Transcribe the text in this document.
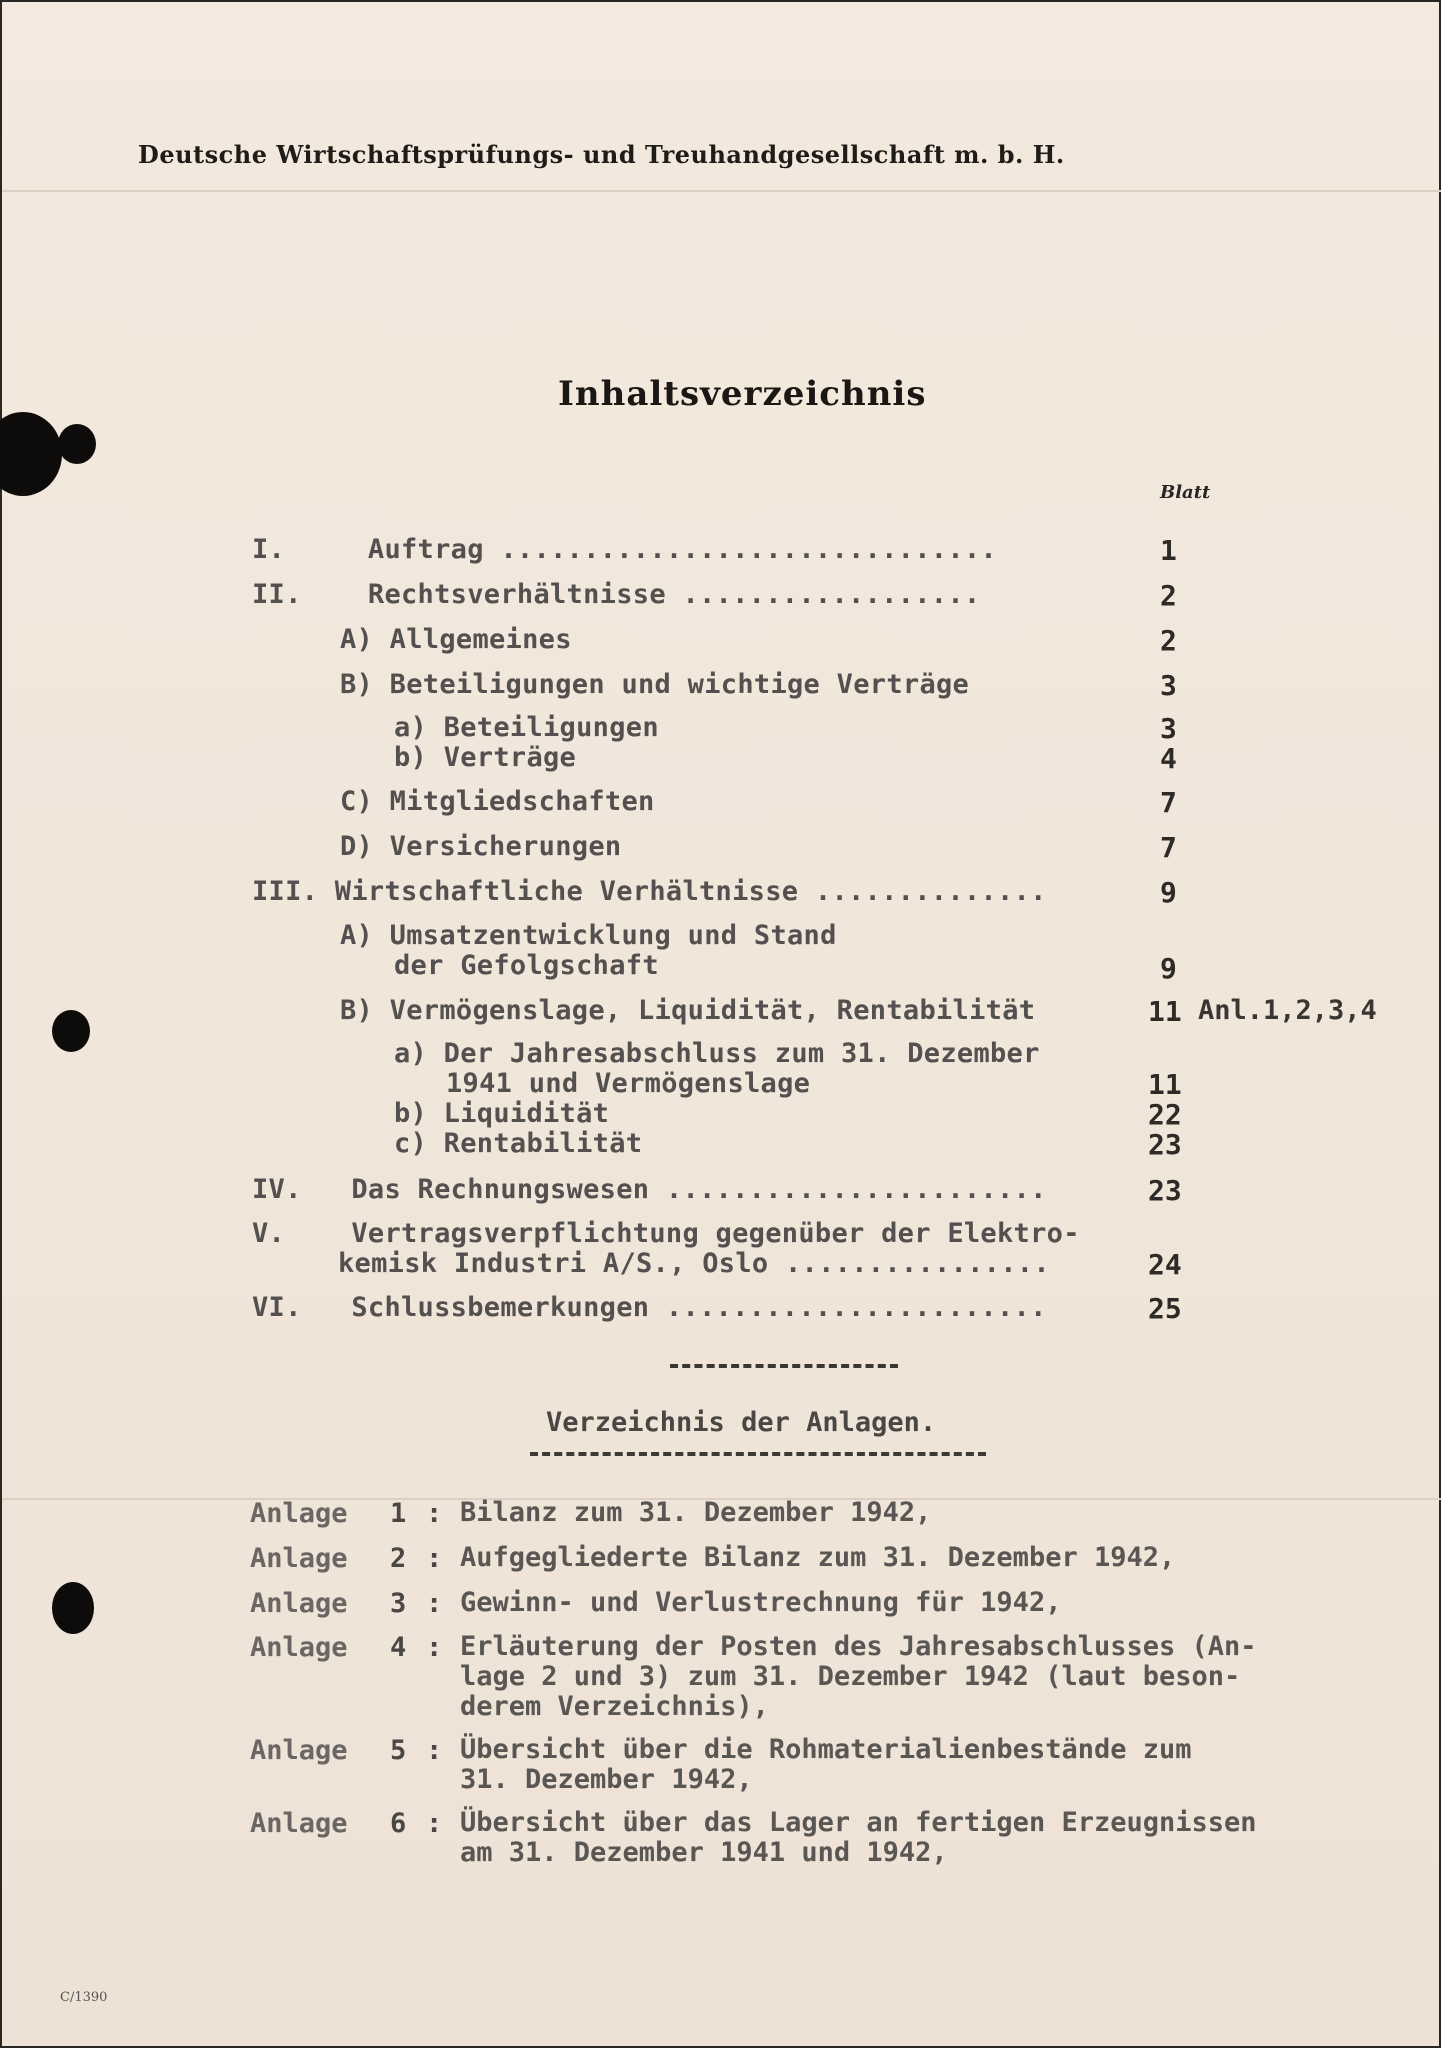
Deutsche Wirtschaftsprüfungs- und Treuhandgesellschaft m. b. H.
Inhaltsverzeichnis
Blatt
I.     Auftrag ..............................	1
II.    Rechtsverhältnisse ..................	2
A) Allgemeines	2
B) Beteiligungen und wichtige Verträge	3
a) Beteiligungen	3
b) Verträge	4
C) Mitgliedschaften	7
D) Versicherungen	7
III. Wirtschaftliche Verhältnisse ..............	9
A) Umsatzentwicklung und Stand
der Gefolgschaft	9
B) Vermögenslage, Liquidität, Rentabilität	11 Anl.1,2,3,4
a) Der Jahresabschluss zum 31. Dezember
1941 und Vermögenslage	11
b) Liquidität	22
c) Rentabilität	23
IV.   Das Rechnungswesen .......................	23
V.    Vertragsverpflichtung gegenüber der Elektro-
kemisk Industri A/S., Oslo ................	24
VI.   Schlussbemerkungen .......................	25
Verzeichnis der Anlagen.
Anlage 1 : Bilanz zum 31. Dezember 1942,
Anlage 2 : Aufgegliederte Bilanz zum 31. Dezember 1942,
Anlage 3 : Gewinn- und Verlustrechnung für 1942,
Anlage 4 : Erläuterung der Posten des Jahresabschlusses (An-
lage 2 und 3) zum 31. Dezember 1942 (laut beson-
derem Verzeichnis),
Anlage 5 : Übersicht über die Rohmaterialienbestände zum
31. Dezember 1942,
Anlage 6 : Übersicht über das Lager an fertigen Erzeugnissen
am 31. Dezember 1941 und 1942,
C/1390
